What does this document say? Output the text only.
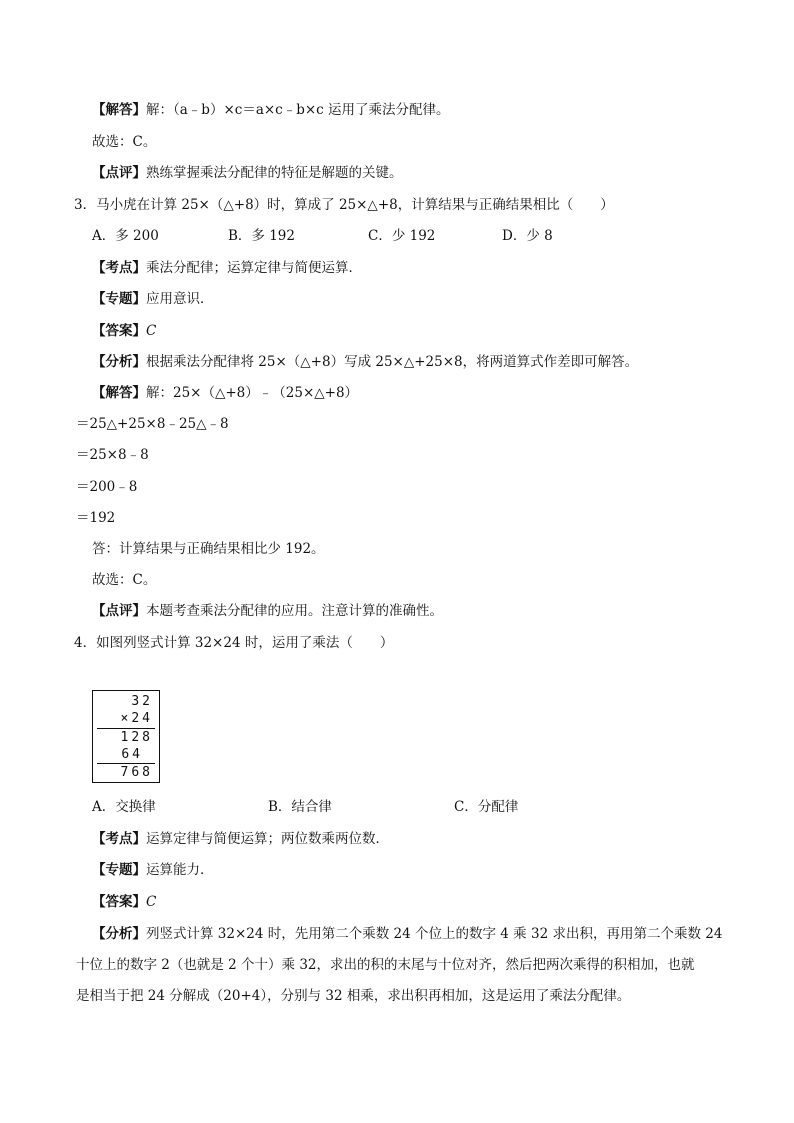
【解答】解：（a﹣b）×c＝a×c﹣b×c 运用了乘法分配律。
故选：C。
【点评】熟练掌握乘法分配律的特征是解题的关键。
3．马小虎在计算 25×（△+8）时，算成了 25×△+8，计算结果与正确结果相比（　　）
A．多 200	B．多 192	C．少 192	D．少 8
【考点】乘法分配律；运算定律与简便运算．
【专题】应用意识．
【答案】C
【分析】根据乘法分配律将 25×（△+8）写成 25×△+25×8，将两道算式作差即可解答。
【解答】解：25×（△+8）﹣（25×△+8）
＝25△+25×8﹣25△﹣8
＝25×8﹣8
＝200﹣8
＝192
答：计算结果与正确结果相比少 192。
故选：C。
【点评】本题考查乘法分配律的应用。注意计算的准确性。
4．如图列竖式计算 32×24 时，运用了乘法（　　）
32
×24
128
64
768
A．交换律	B．结合律	C．分配律
【考点】运算定律与简便运算；两位数乘两位数．
【专题】运算能力．
【答案】C
【分析】列竖式计算 32×24 时，先用第二个乘数 24 个位上的数字 4 乘 32 求出积，再用第二个乘数 24
十位上的数字 2（也就是 2 个十）乘 32，求出的积的末尾与十位对齐，然后把两次乘得的积相加，也就
是相当于把 24 分解成（20+4），分别与 32 相乘，求出积再相加，这是运用了乘法分配律。
